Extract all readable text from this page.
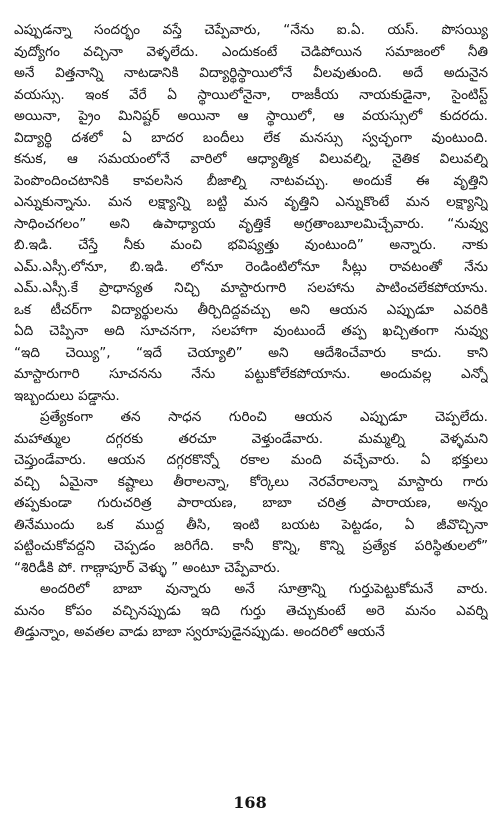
ఎప్పుడన్నా సందర్భం వస్తే చెప్పేవారు, “నేను ఐ.ఏ. యస్. పొసయ్యి
వుద్యోగం వచ్చినా వెళ్ళలేదు. ఎందుకంటే చెడిపోయిన సమాజంలో నీతి
అనే విత్తనాన్ని నాటడానికి విద్యార్థిస్థాయిలోనే వీలవుతుంది. అదే అదునైన
వయస్సు. ఇంక వేరే ఏ స్థాయిలోనైనా, రాజకీయ నాయకుడైనా, సైంటిస్ట్
అయినా, ప్రైం మినిష్టర్ అయినా ఆ స్థాయిలో, ఆ వయస్సులో కుదరదు.
విద్యార్థి దశలో ఏ బాదర బందీలు లేక మనస్సు స్వచ్ఛంగా వుంటుంది.
కనుక, ఆ సమయంలోనే వారిలో ఆధ్యాత్మిక విలువల్ని, నైతిక విలువల్ని
పెంపొందించటానికి కావలసిన బీజాల్ని నాటవచ్చు. అందుకే ఈ వృత్తిని
ఎన్నుకున్నాను. మన లక్ష్యాన్ని బట్టి మన వృత్తిని ఎన్నుకొంటే మన లక్ష్యాన్ని
సాధించగలం” అని ఉపాధ్యాయ వృత్తికే అగ్రతాంబూలమిచ్చేవారు. “నువ్వు
బి.ఇడి. చేస్తే నీకు మంచి భవిష్యత్తు వుంటుంది” అన్నారు. నాకు
ఎమ్.ఎస్సీ.లోనూ, బి.ఇడి. లోనూ రెండింటిలోనూ సీట్లు రావటంతో నేను
ఎమ్.ఎస్సీ.కే ప్రాధాన్యత నిచ్చి మాస్టారుగారి సలహాను పాటించలేకపోయాను.
ఒక టీచర్‌గా విద్యార్థులను తీర్చిదిద్దవచ్చు అని ఆయన ఎప్పుడూ ఎవరికి
ఏది చెప్పినా అది సూచనగా, సలహాగా వుంటుందే తప్ప ఖచ్చితంగా నువ్వు
“ఇది చెయ్యి”, “ఇదే చెయ్యాలి” అని ఆదేశించేవారు కాదు. కాని
మాస్టారుగారి సూచనను నేను పట్టుకోలేకపోయాను. అందువల్ల ఎన్నో
ఇబ్బందులు పడ్డాను.
ప్రత్యేకంగా తన సాధన గురించి ఆయన ఎప్పుడూ చెప్పలేదు.
మహాత్ముల దగ్గరకు తరచూ వెళ్తుండేవారు. మమ్మల్ని వెళ్ళమని
చెప్తుండేవారు. ఆయన దగ్గరకొన్నో రకాల మంది వచ్చేవారు. ఏ భక్తులు
వచ్చి ఏమైనా కష్టాలు తీరాలన్నా, కోర్కెలు నెరవేరాలన్నా మాస్టారు గారు
తప్పకుండా గురుచరిత్ర పారాయణ, బాబా చరిత్ర పారాయణ, అన్నం
తినేముందు ఒక ముద్ద తీసి, ఇంటి బయట పెట్టడం, ఏ జీవొచ్చినా
పట్టించుకోవద్దని చెప్పడం జరిగేది. కానీ కొన్ని, కొన్ని ప్రత్యేక పరిస్థితులలో”
“శిరిడీకి పో. గాణ్గాపూర్ వెళ్ళు ” అంటూ చెప్పేవారు.
అందరిలో బాబా వున్నారు అనే సూత్రాన్ని గుర్తుపెట్టుకోమనే వారు.
మనం కోపం వచ్చినప్పుడు ఇది గుర్తు తెచ్చుకుంటే అరె మనం ఎవర్ని
తిడ్తున్నాం, అవతల వాడు బాబా స్వరూపుడైనప్పుడు. అందరిలో ఆయనే
168
